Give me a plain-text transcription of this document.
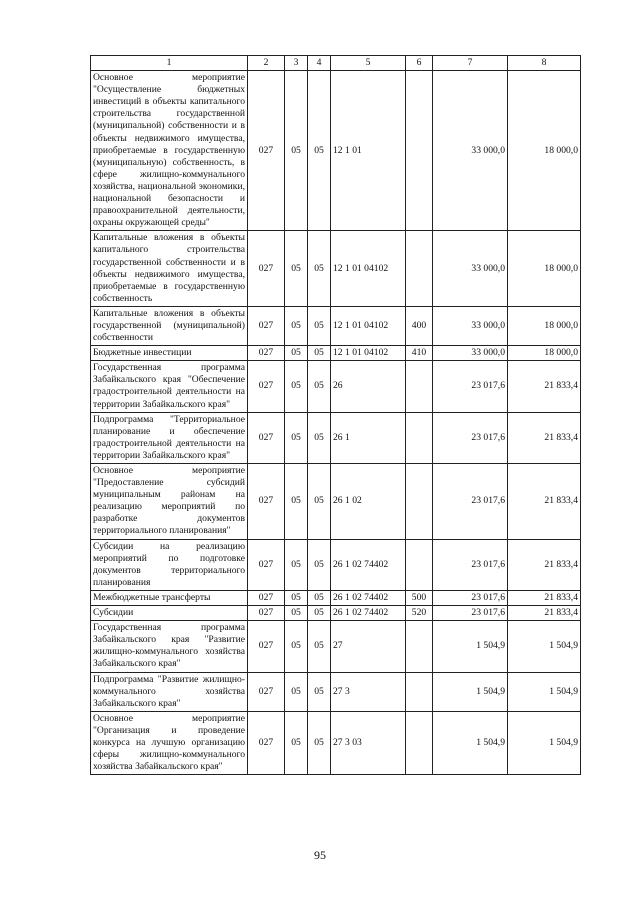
1	2	3	4	5	6	7	8
Основное мероприятие "Осуществление бюджетных инвестиций в объекты капитального строительства государственной (муниципальной) собственности и в объекты недвижимого имущества, приобретаемые в государственную (муниципальную) собственность, в сфере жилищно-коммунального хозяйства, национальной экономики, национальной безопасности и правоохранительной деятельности, охраны окружающей среды"	027	05	05	12 1 01		33 000,0	18 000,0
Капитальные вложения в объекты капитального строительства государственной собственности и в объекты недвижимого имущества, приобретаемые в государственную собственность	027	05	05	12 1 01 04102		33 000,0	18 000,0
Капитальные вложения в объекты государственной (муниципальной) собственности	027	05	05	12 1 01 04102	400	33 000,0	18 000,0
Бюджетные инвестиции	027	05	05	12 1 01 04102	410	33 000,0	18 000,0
Государственная программа Забайкальского края "Обеспечение градостроительной деятельности на территории Забайкальского края"	027	05	05	26		23 017,6	21 833,4
Подпрограмма "Территориальное планирование и обеспечение градостроительной деятельности на территории Забайкальского края"	027	05	05	26 1		23 017,6	21 833,4
Основное мероприятие "Предоставление субсидий муниципальным районам на реализацию мероприятий по разработке документов территориального планирования"	027	05	05	26 1 02		23 017,6	21 833,4
Субсидии на реализацию мероприятий по подготовке документов территориального планирования	027	05	05	26 1 02 74402		23 017,6	21 833,4
Межбюджетные трансферты	027	05	05	26 1 02 74402	500	23 017,6	21 833,4
Субсидии	027	05	05	26 1 02 74402	520	23 017,6	21 833,4
Государственная программа Забайкальского края "Развитие жилищно-коммунального хозяйства Забайкальского края"	027	05	05	27		1 504,9	1 504,9
Подпрограмма "Развитие жилищно-коммунального хозяйства Забайкальского края"	027	05	05	27 3		1 504,9	1 504,9
Основное мероприятие "Организация и проведение конкурса на лучшую организацию сферы жилищно-коммунального хозяйства Забайкальского края"	027	05	05	27 3 03		1 504,9	1 504,9
95
